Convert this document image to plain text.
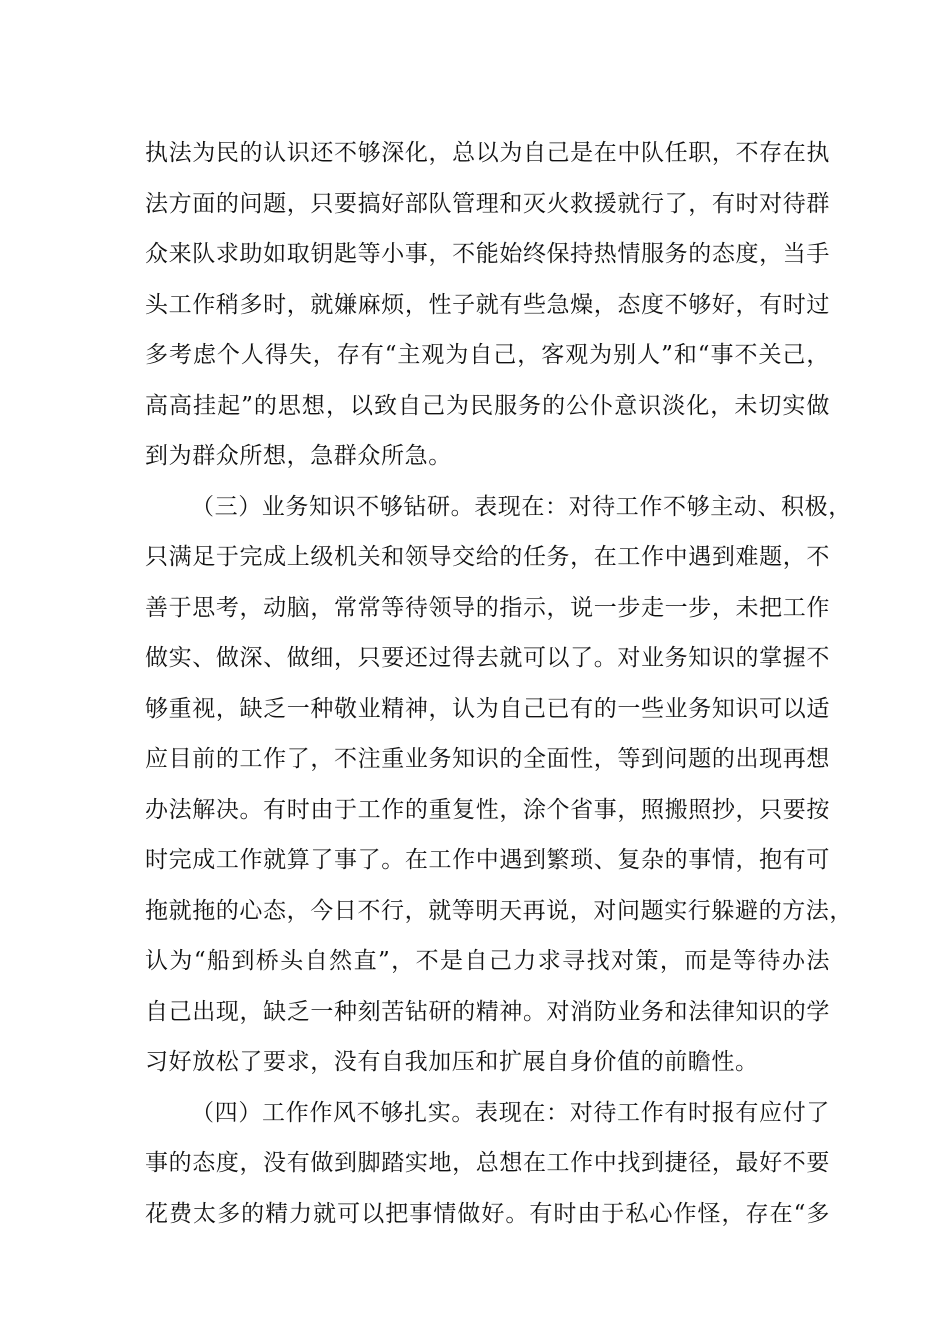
执法为民的认识还不够深化，总以为自己是在中队任职，不存在执
法方面的问题，只要搞好部队管理和灭火救援就行了，有时对待群
众来队求助如取钥匙等小事，不能始终保持热情服务的态度，当手
头工作稍多时，就嫌麻烦，性子就有些急燥，态度不够好，有时过
多考虑个人得失，存有“主观为自己，客观为别人”和“事不关己，
高高挂起”的思想，以致自己为民服务的公仆意识淡化，未切实做
到为群众所想，急群众所急。
（三）业务知识不够钻研。表现在：对待工作不够主动、积极，
只满足于完成上级机关和领导交给的任务，在工作中遇到难题，不
善于思考，动脑，常常等待领导的指示，说一步走一步，未把工作
做实、做深、做细，只要还过得去就可以了。对业务知识的掌握不
够重视，缺乏一种敬业精神，认为自己已有的一些业务知识可以适
应目前的工作了，不注重业务知识的全面性，等到问题的出现再想
办法解决。有时由于工作的重复性，涂个省事，照搬照抄，只要按
时完成工作就算了事了。在工作中遇到繁琐、复杂的事情，抱有可
拖就拖的心态，今日不行，就等明天再说，对问题实行躲避的方法，
认为“船到桥头自然直”，不是自己力求寻找对策，而是等待办法
自己出现，缺乏一种刻苦钻研的精神。对消防业务和法律知识的学
习好放松了要求，没有自我加压和扩展自身价值的前瞻性。
（四）工作作风不够扎实。表现在：对待工作有时报有应付了
事的态度，没有做到脚踏实地，总想在工作中找到捷径，最好不要
花费太多的精力就可以把事情做好。有时由于私心作怪，存在“多
